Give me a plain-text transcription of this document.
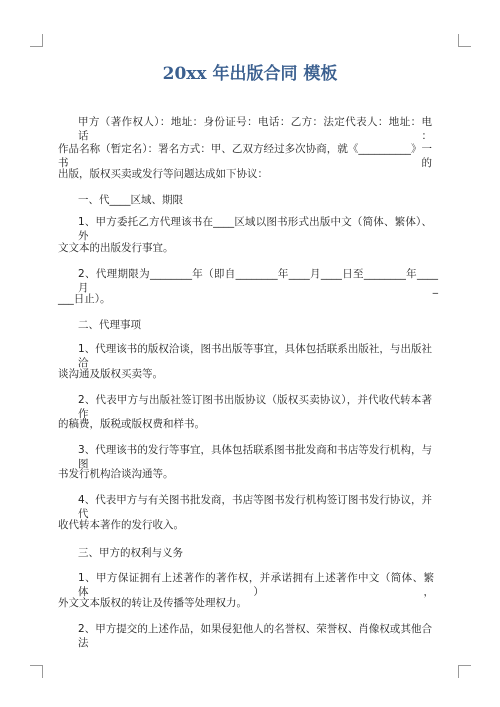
20xx 年出版合同 模板
甲方（著作权人）：地址：身份证号：电话：乙方：法定代表人：地址：电话：
作品名称（暂定名）：署名方式：甲、乙双方经过多次协商，就《__________》一书的
出版，版权买卖或发行等问题达成如下协议：
一、代____区域、期限
1、甲方委托乙方代理该书在____区域以图书形式出版中文（简体、繁体）、外
文文本的出版发行事宜。
2、代理期限为________年（即自________年____月____日至________年____月_
___日止）。
二、代理事项
1、代理该书的版权洽谈，图书出版等事宜，具体包括联系出版社，与出版社洽
谈沟通及版权买卖等。
2、代表甲方与出版社签订图书出版协议（版权买卖协议），并代收代转本著作
的稿费，版税或版权费和样书。
3、代理该书的发行等事宜，具体包括联系图书批发商和书店等发行机构，与图
书发行机构洽谈沟通等。
4、代表甲方与有关图书批发商，书店等图书发行机构签订图书发行协议，并代
收代转本著作的发行收入。
三、甲方的权利与义务
1、甲方保证拥有上述著作的著作权，并承诺拥有上述著作中文（简体、繁体），
外文文本版权的转让及传播等处理权力。
2、甲方提交的上述作品，如果侵犯他人的名誉权、荣誉权、肖像权或其他合法
